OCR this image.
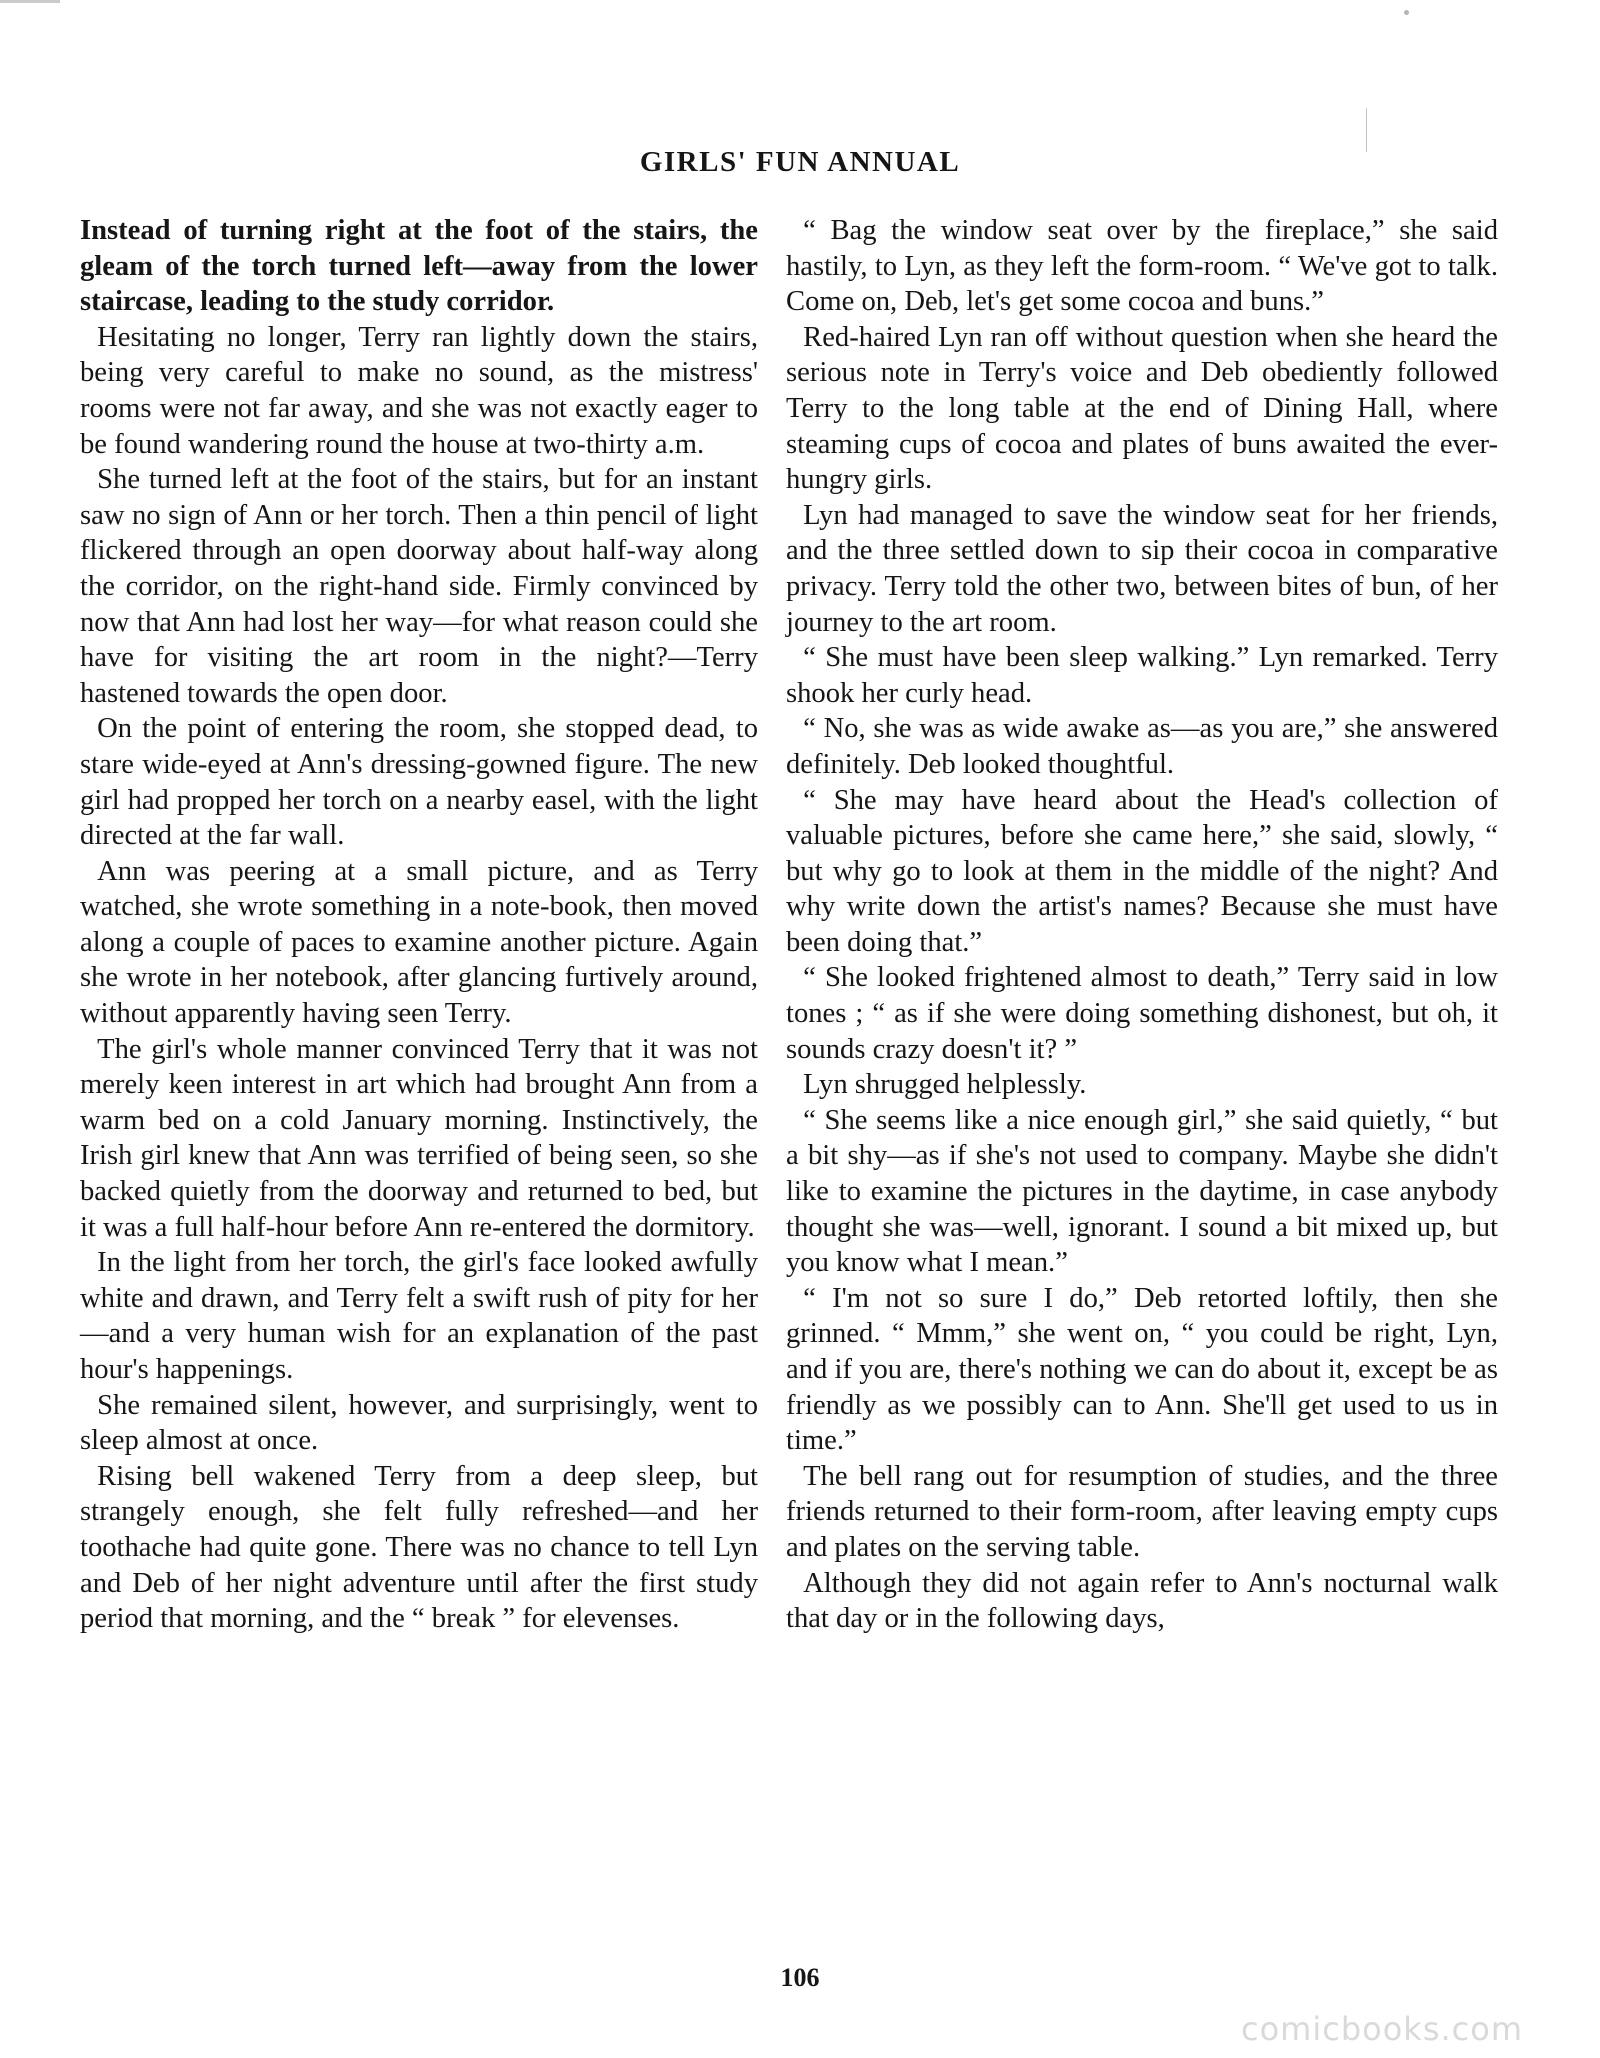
GIRLS' FUN ANNUAL

Instead of turning right at the foot of the stairs, the gleam of the torch turned left—away from the lower staircase, leading to the study corridor.

Hesitating no longer, Terry ran lightly down the stairs, being very careful to make no sound, as the mistress' rooms were not far away, and she was not exactly eager to be found wandering round the house at two-thirty a.m.

She turned left at the foot of the stairs, but for an instant saw no sign of Ann or her torch. Then a thin pencil of light flickered through an open doorway about half-way along the corridor, on the right-hand side. Firmly convinced by now that Ann had lost her way—for what reason could she have for visiting the art room in the night?—Terry hastened towards the open door.

On the point of entering the room, she stopped dead, to stare wide-eyed at Ann's dressing-gowned figure. The new girl had propped her torch on a nearby easel, with the light directed at the far wall.

Ann was peering at a small picture, and as Terry watched, she wrote something in a note-book, then moved along a couple of paces to examine another picture. Again she wrote in her notebook, after glancing furtively around, without apparently having seen Terry.

The girl's whole manner convinced Terry that it was not merely keen interest in art which had brought Ann from a warm bed on a cold January morning. Instinctively, the Irish girl knew that Ann was terrified of being seen, so she backed quietly from the doorway and returned to bed, but it was a full half-hour before Ann re-entered the dormitory.

In the light from her torch, the girl's face looked awfully white and drawn, and Terry felt a swift rush of pity for her—and a very human wish for an explanation of the past hour's happenings.

She remained silent, however, and surprisingly, went to sleep almost at once.

Rising bell wakened Terry from a deep sleep, but strangely enough, she felt fully refreshed—and her toothache had quite gone. There was no chance to tell Lyn and Deb of her night adventure until after the first study period that morning, and the “ break ” for elevenses.

“ Bag the window seat over by the fireplace,” she said hastily, to Lyn, as they left the form-room. “ We've got to talk. Come on, Deb, let's get some cocoa and buns.”

Red-haired Lyn ran off without question when she heard the serious note in Terry's voice and Deb obediently followed Terry to the long table at the end of Dining Hall, where steaming cups of cocoa and plates of buns awaited the ever-hungry girls.

Lyn had managed to save the window seat for her friends, and the three settled down to sip their cocoa in comparative privacy. Terry told the other two, between bites of bun, of her journey to the art room.

“ She must have been sleep walking.” Lyn remarked. Terry shook her curly head.

“ No, she was as wide awake as—as you are,” she answered definitely. Deb looked thoughtful.

“ She may have heard about the Head's collection of valuable pictures, before she came here,” she said, slowly, “ but why go to look at them in the middle of the night? And why write down the artist's names? Because she must have been doing that.”

“ She looked frightened almost to death,” Terry said in low tones ; “ as if she were doing something dishonest, but oh, it sounds crazy doesn't it? ”

Lyn shrugged helplessly.

“ She seems like a nice enough girl,” she said quietly, “ but a bit shy—as if she's not used to company. Maybe she didn't like to examine the pictures in the daytime, in case anybody thought she was—well, ignorant. I sound a bit mixed up, but you know what I mean.”

“ I'm not so sure I do,” Deb retorted loftily, then she grinned. “ Mmm,” she went on, “ you could be right, Lyn, and if you are, there's nothing we can do about it, except be as friendly as we possibly can to Ann. She'll get used to us in time.”

The bell rang out for resumption of studies, and the three friends returned to their form-room, after leaving empty cups and plates on the serving table.

Although they did not again refer to Ann's nocturnal walk that day or in the following days,

106
comicbooks.com
